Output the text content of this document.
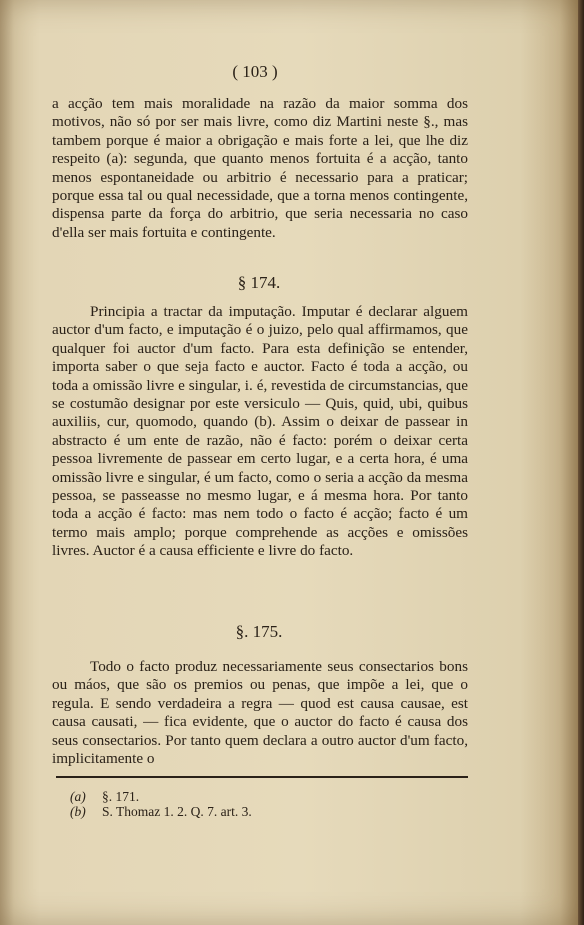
( 103 )

a acção tem mais moralidade na razão da maior somma dos motivos, não só por ser mais livre, como diz Martini neste §., mas tambem porque é maior a obrigação e mais forte a lei, que lhe diz respeito (a): segunda, que quanto menos fortuita é a acção, tanto menos espontaneidade ou arbitrio é necessario para a praticar; porque essa tal ou qual necessidade, que a torna menos contingente, dispensa parte da força do arbitrio, que seria necessaria no caso d'ella ser mais fortuita e contingente.

§ 174.

Principia a tractar da imputação. Imputar é declarar alguem auctor d'um facto, e imputação é o juizo, pelo qual affirmamos, que qualquer foi auctor d'um facto. Para esta definição se entender, importa saber o que seja facto e auctor. Facto é toda a acção, ou toda a omissão livre e singular, i. é, revestida de circumstancias, que se costumão designar por este versiculo — Quis, quid, ubi, quibus auxiliis, cur, quomodo, quando (b). Assim o deixar de passear in abstracto é um ente de razão, não é facto: porém o deixar certa pessoa livremente de passear em certo lugar, e a certa hora, é uma omissão livre e singular, é um facto, como o seria a acção da mesma pessoa, se passeasse no mesmo lugar, e á mesma hora. Por tanto toda a acção é facto: mas nem todo o facto é acção; facto é um termo mais amplo; porque comprehende as acções e omissões livres. Auctor é a causa efficiente e livre do facto.

§. 175.

Todo o facto produz necessariamente seus consectarios bons ou máos, que são os premios ou penas, que impõe a lei, que o regula. E sendo verdadeira a regra — quod est causa causae, est causa causati, — fica evidente, que o auctor do facto é causa dos seus consectarios. Por tanto quem declara a outro auctor d'um facto, implicitamente o

(a)	§. 171.
(b)	S. Thomaz 1. 2. Q. 7. art. 3.
